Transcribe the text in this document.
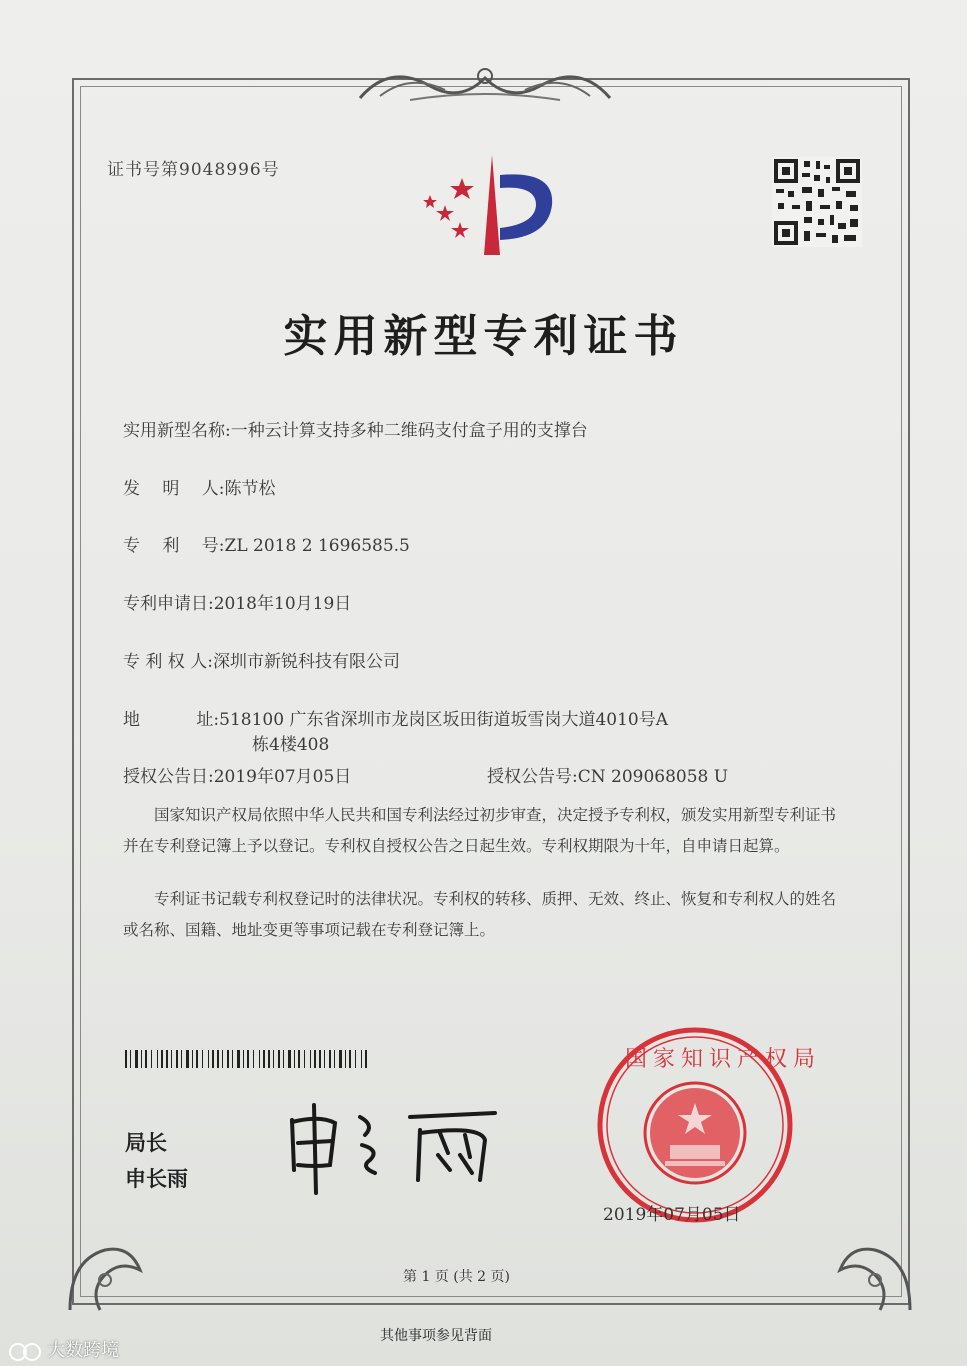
证书号第9048996号
实用新型专利证书
实用新型名称:一种云计算支持多种二维码支付盒子用的支撑台
发　 明　 人:陈节松
专　 利　 号:ZL 2018 2 1696585.5
专利申请日:2018年10月19日
专 利 权 人:深圳市新锐科技有限公司
地　　　 址:518100 广东省深圳市龙岗区坂田街道坂雪岗大道4010号A
栋4楼408
授权公告日:2019年07月05日	授权公告号:CN 209068058 U
国家知识产权局依照中华人民共和国专利法经过初步审查，决定授予专利权，颁发实用新型专利证书并在专利登记簿上予以登记。专利权自授权公告之日起生效。专利权期限为十年，自申请日起算。
专利证书记载专利权登记时的法律状况。专利权的转移、质押、无效、终止、恢复和专利权人的姓名或名称、国籍、地址变更等事项记载在专利登记簿上。
局长
申长雨
国家知识产权局
2019年07月05日
第 1 页 (共 2 页)
其他事项参见背面
大数跨境
